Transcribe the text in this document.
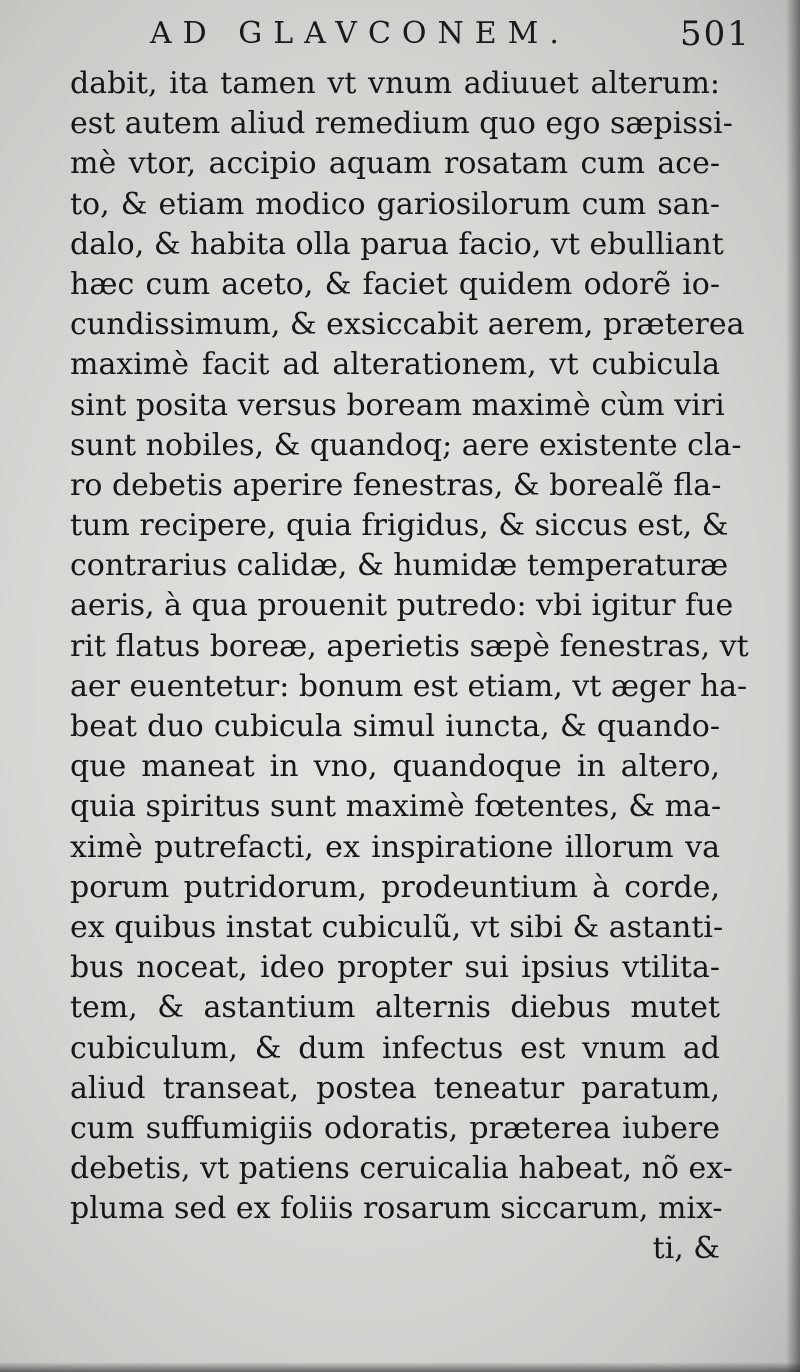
AD GLAVCONEM.	501
dabit, ita tamen vt vnum adiuuet alterum:
est autem aliud remedium quo ego sæpissi-
mè vtor, accipio aquam rosatam cum ace-
to, & etiam modico gariosilorum cum san-
dalo, & habita olla parua facio, vt ebulliant
hæc cum aceto, & faciet quidem odorẽ io-
cundissimum, & exsiccabit aerem, præterea
maximè facit ad alterationem, vt cubicula
sint posita versus boream maximè cùm viri
sunt nobiles, & quandoq; aere existente cla-
ro debetis aperire fenestras, & borealẽ fla-
tum recipere, quia frigidus, & siccus est, &
contrarius calidæ, & humidæ temperaturæ
aeris, à qua prouenit putredo: vbi igitur fue
rit flatus boreæ, aperietis sæpè fenestras, vt
aer euentetur: bonum est etiam, vt æger ha-
beat duo cubicula simul iuncta, & quando-
que maneat in vno, quandoque in altero,
quia spiritus sunt maximè fœtentes, & ma-
ximè putrefacti, ex inspiratione illorum va
porum putridorum, prodeuntium à corde,
ex quibus instat cubiculũ, vt sibi & astanti-
bus noceat, ideo propter sui ipsius vtilita-
tem, & astantium alternis diebus mutet
cubiculum, & dum infectus est vnum ad
aliud transeat, postea teneatur paratum,
cum suffumigiis odoratis, præterea iubere
debetis, vt patiens ceruicalia habeat, nõ ex-
pluma sed ex foliis rosarum siccarum, mix-
ti, &
